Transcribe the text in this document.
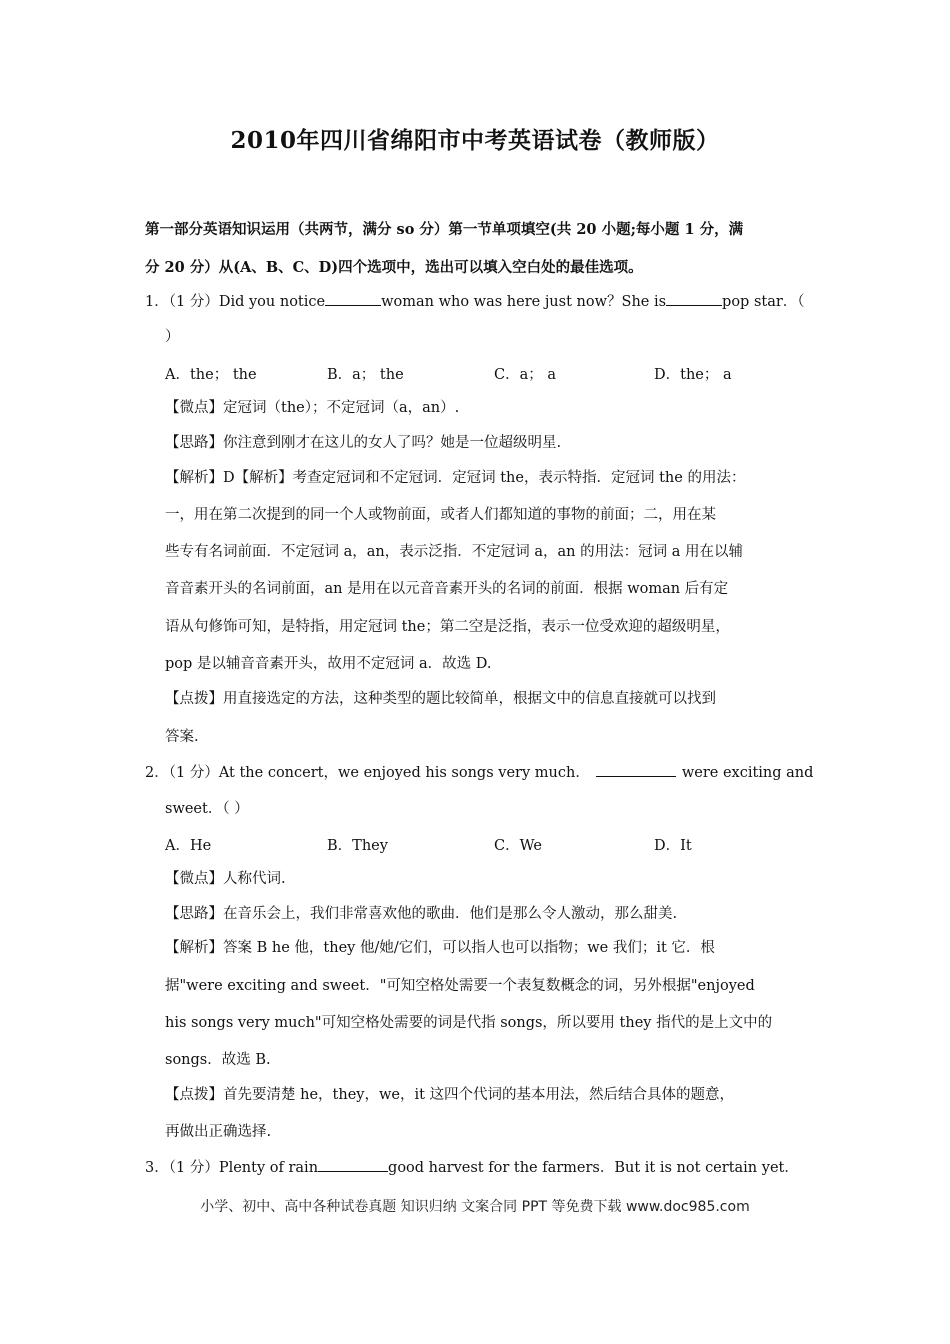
2010年四川省绵阳市中考英语试卷（教师版）
第一部分英语知识运用（共两节，满分 so 分）第一节单项填空(共 20 小题;每小题 1 分，满
分 20 分）从(A、B、C、D)四个选项中，选出可以填入空白处的最佳选项。
1．（1 分）Did you notice	woman who was here just now？She is	pop star．（
）
A．the； the	B．a； the	C．a； a	D．the； a
【微点】定冠词（the）；不定冠词（a，an）.
【思路】你注意到刚才在这儿的女人了吗？她是一位超级明星.
【解析】D【解析】考查定冠词和不定冠词．定冠词 the，表示特指．定冠词 the 的用法：
一，用在第二次提到的同一个人或物前面，或者人们都知道的事物的前面；二，用在某
些专有名词前面．不定冠词 a，an，表示泛指．不定冠词 a，an 的用法：冠词 a 用在以辅
音音素开头的名词前面，an 是用在以元音音素开头的名词的前面．根据 woman 后有定
语从句修饰可知，是特指，用定冠词 the；第二空是泛指，表示一位受欢迎的超级明星，
pop 是以辅音音素开头，故用不定冠词 a．故选 D.
【点拨】用直接选定的方法，这种类型的题比较简单，根据文中的信息直接就可以找到
答案.
2．（1 分）At the concert，we enjoyed his songs very much．	were exciting and
sweet．（ ）
A．He	B．They	C．We	D．It
【微点】人称代词.
【思路】在音乐会上，我们非常喜欢他的歌曲．他们是那么令人激动，那么甜美.
【解析】答案 B he 他，they 他/她/它们，可以指人也可以指物；we 我们；it 它．根
据"were exciting and sweet．"可知空格处需要一个表复数概念的词，另外根据"enjoyed
his songs very much"可知空格处需要的词是代指 songs，所以要用 they 指代的是上文中的
songs．故选 B.
【点拨】首先要清楚 he，they，we，it 这四个代词的基本用法，然后结合具体的题意，
再做出正确选择.
3．（1 分）Plenty of rain	good harvest for the farmers．But it is not certain yet．
小学、初中、高中各种试卷真题 知识归纳 文案合同 PPT 等免费下载 www.doc985.com
